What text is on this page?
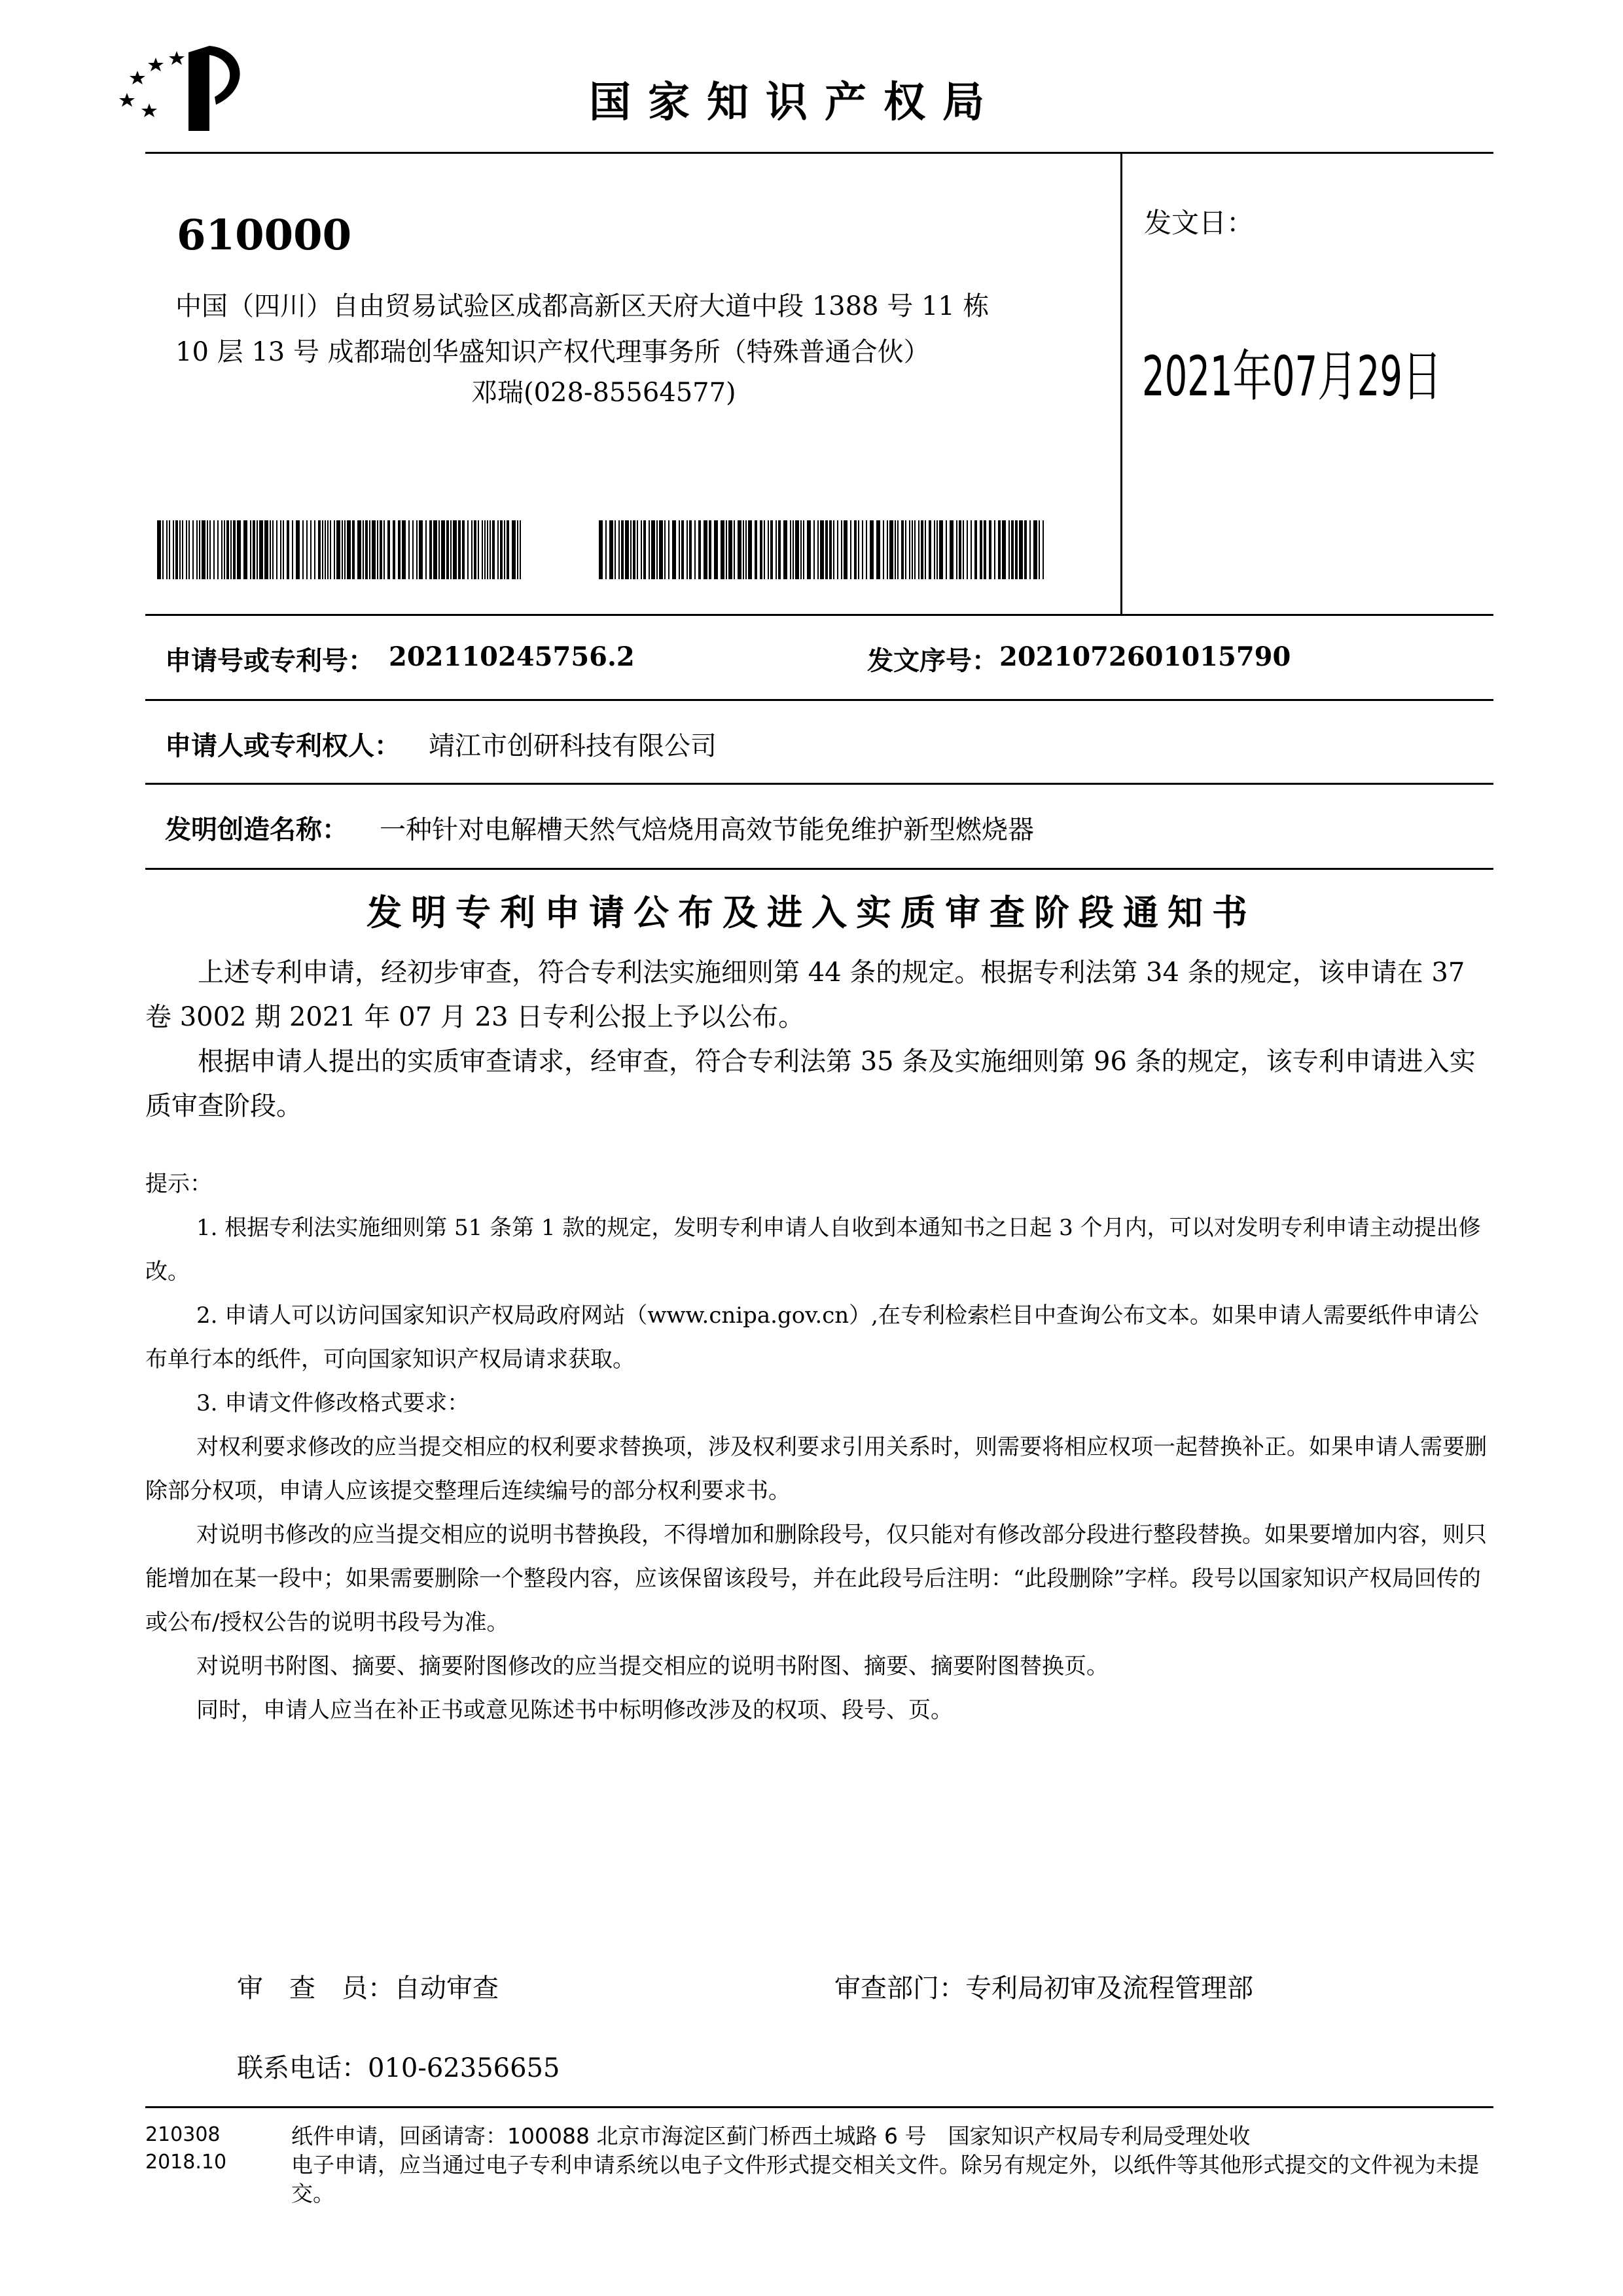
国家知识产权局
610000
中国（四川）自由贸易试验区成都高新区天府大道中段 1388 号 11 栋
10 层 13 号 成都瑞创华盛知识产权代理事务所（特殊普通合伙）
邓瑞(028-85564577)
发文日：
2021年07月29日
申请号或专利号： 202110245756.2	发文序号： 2021072601015790
申请人或专利权人： 靖江市创研科技有限公司
发明创造名称： 一种针对电解槽天然气焙烧用高效节能免维护新型燃烧器
发明专利申请公布及进入实质审查阶段通知书

上述专利申请，经初步审查，符合专利法实施细则第 44 条的规定。根据专利法第 34 条的规定，该申请在 37 卷 3002 期 2021 年 07 月 23 日专利公报上予以公布。

根据申请人提出的实质审查请求，经审查，符合专利法第 35 条及实施细则第 96 条的规定，该专利申请进入实质审查阶段。

提示：

1. 根据专利法实施细则第 51 条第 1 款的规定，发明专利申请人自收到本通知书之日起 3 个月内，可以对发明专利申请主动提出修改。

2. 申请人可以访问国家知识产权局政府网站（www.cnipa.gov.cn）,在专利检索栏目中查询公布文本。如果申请人需要纸件申请公布单行本的纸件，可向国家知识产权局请求获取。

3. 申请文件修改格式要求：

对权利要求修改的应当提交相应的权利要求替换项，涉及权利要求引用关系时，则需要将相应权项一起替换补正。如果申请人需要删除部分权项，申请人应该提交整理后连续编号的部分权利要求书。

对说明书修改的应当提交相应的说明书替换段，不得增加和删除段号，仅只能对有修改部分段进行整段替换。如果要增加内容，则只能增加在某一段中；如果需要删除一个整段内容，应该保留该段号，并在此段号后注明：“此段删除”字样。段号以国家知识产权局回传的或公布/授权公告的说明书段号为准。

对说明书附图、摘要、摘要附图修改的应当提交相应的说明书附图、摘要、摘要附图替换页。

同时，申请人应当在补正书或意见陈述书中标明修改涉及的权项、段号、页。

审　查　员：自动审查	审查部门：专利局初审及流程管理部
联系电话：010-62356655
210308
2018.10
纸件申请，回函请寄：100088 北京市海淀区蓟门桥西土城路 6 号　国家知识产权局专利局受理处收
电子申请，应当通过电子专利申请系统以电子文件形式提交相关文件。除另有规定外，以纸件等其他形式提交的文件视为未提交。
